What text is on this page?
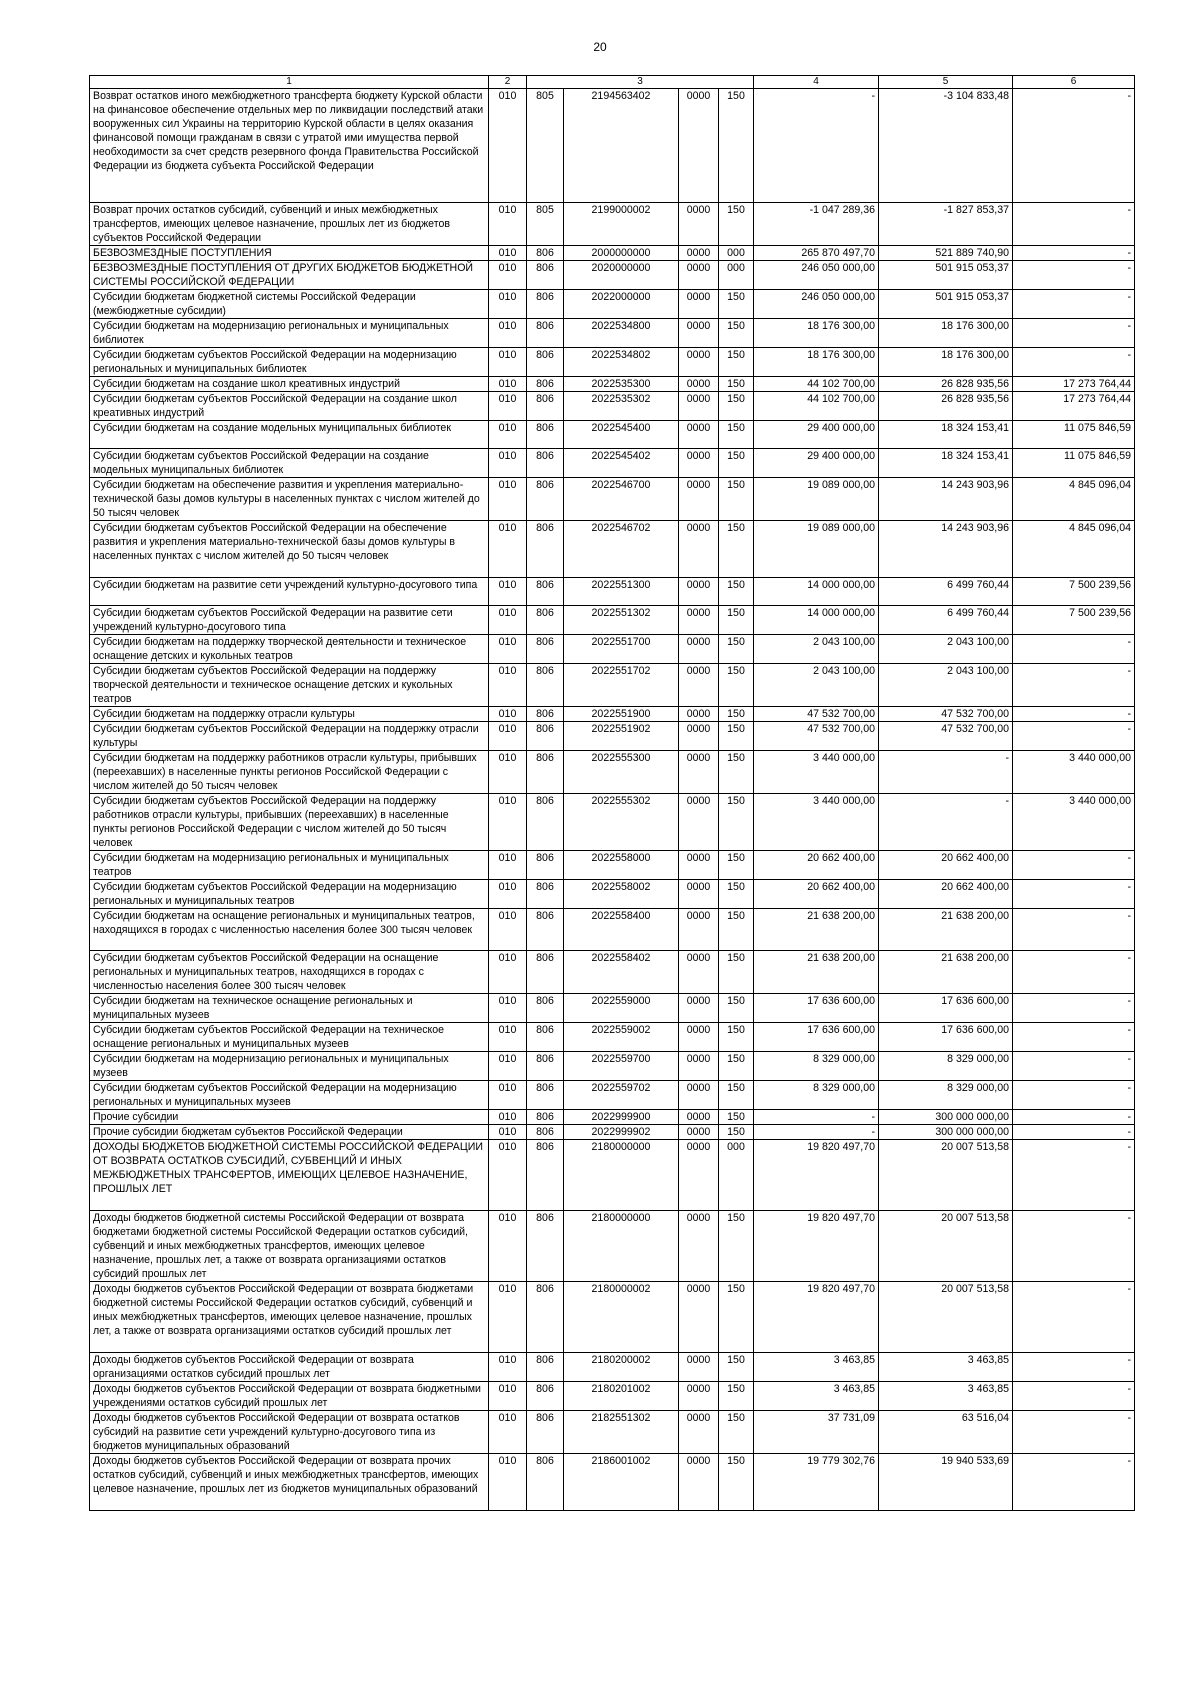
20
1	2	3				4	5	6
Возврат остатков иного межбюджетного трансферта бюджету Курской области на финансовое обеспечение отдельных мер по ликвидации последствий атаки вооруженных сил Украины на территорию Курской области в целях оказания финансовой помощи гражданам в связи с утратой ими имущества первой необходимости за счет средств резервного фонда Правительства Российской Федерации из бюджета субъекта Российской Федерации	010	805	2194563402	0000	150	-	-3 104 833,48	-
Возврат прочих остатков субсидий, субвенций и иных межбюджетных трансфертов, имеющих целевое назначение, прошлых лет из бюджетов субъектов Российской Федерации	010	805	2199000002	0000	150	-1 047 289,36	-1 827 853,37	-
БЕЗВОЗМЕЗДНЫЕ ПОСТУПЛЕНИЯ	010	806	2000000000	0000	000	265 870 497,70	521 889 740,90	-
БЕЗВОЗМЕЗДНЫЕ ПОСТУПЛЕНИЯ ОТ ДРУГИХ БЮДЖЕТОВ БЮДЖЕТНОЙ СИСТЕМЫ РОССИЙСКОЙ ФЕДЕРАЦИИ	010	806	2020000000	0000	000	246 050 000,00	501 915 053,37	-
Субсидии бюджетам бюджетной системы Российской Федерации (межбюджетные субсидии)	010	806	2022000000	0000	150	246 050 000,00	501 915 053,37	-
Субсидии бюджетам на модернизацию региональных и муниципальных библиотек	010	806	2022534800	0000	150	18 176 300,00	18 176 300,00	-
Субсидии бюджетам субъектов Российской Федерации на модернизацию региональных и муниципальных библиотек	010	806	2022534802	0000	150	18 176 300,00	18 176 300,00	-
Субсидии бюджетам на создание школ креативных индустрий	010	806	2022535300	0000	150	44 102 700,00	26 828 935,56	17 273 764,44
Субсидии бюджетам субъектов Российской Федерации на создание школ креативных индустрий	010	806	2022535302	0000	150	44 102 700,00	26 828 935,56	17 273 764,44
Субсидии бюджетам на создание модельных муниципальных библиотек	010	806	2022545400	0000	150	29 400 000,00	18 324 153,41	11 075 846,59
Субсидии бюджетам субъектов Российской Федерации на создание модельных муниципальных библиотек	010	806	2022545402	0000	150	29 400 000,00	18 324 153,41	11 075 846,59
Субсидии бюджетам на обеспечение развития и укрепления материально-технической базы домов культуры в населенных пунктах с числом жителей до 50 тысяч человек	010	806	2022546700	0000	150	19 089 000,00	14 243 903,96	4 845 096,04
Субсидии бюджетам субъектов Российской Федерации на обеспечение развития и укрепления материально-технической базы домов культуры в населенных пунктах с числом жителей до 50 тысяч человек	010	806	2022546702	0000	150	19 089 000,00	14 243 903,96	4 845 096,04
Субсидии бюджетам на развитие сети учреждений культурно-досугового типа	010	806	2022551300	0000	150	14 000 000,00	6 499 760,44	7 500 239,56
Субсидии бюджетам субъектов Российской Федерации на развитие сети учреждений культурно-досугового типа	010	806	2022551302	0000	150	14 000 000,00	6 499 760,44	7 500 239,56
Субсидии бюджетам на поддержку творческой деятельности и техническое оснащение детских и кукольных театров	010	806	2022551700	0000	150	2 043 100,00	2 043 100,00	-
Субсидии бюджетам субъектов Российской Федерации на поддержку творческой деятельности и техническое оснащение детских и кукольных театров	010	806	2022551702	0000	150	2 043 100,00	2 043 100,00	-
Субсидии бюджетам на поддержку отрасли культуры	010	806	2022551900	0000	150	47 532 700,00	47 532 700,00	-
Субсидии бюджетам субъектов Российской Федерации на поддержку отрасли культуры	010	806	2022551902	0000	150	47 532 700,00	47 532 700,00	-
Субсидии бюджетам на поддержку работников отрасли культуры, прибывших (переехавших) в населенные пункты регионов Российской Федерации с числом жителей до 50 тысяч человек	010	806	2022555300	0000	150	3 440 000,00	-	3 440 000,00
Субсидии бюджетам субъектов Российской Федерации на поддержку работников отрасли культуры, прибывших (переехавших) в населенные пункты регионов Российской Федерации с числом жителей до 50 тысяч человек	010	806	2022555302	0000	150	3 440 000,00	-	3 440 000,00
Субсидии бюджетам на модернизацию региональных и муниципальных театров	010	806	2022558000	0000	150	20 662 400,00	20 662 400,00	-
Субсидии бюджетам субъектов Российской Федерации на модернизацию региональных и муниципальных театров	010	806	2022558002	0000	150	20 662 400,00	20 662 400,00	-
Субсидии бюджетам на оснащение региональных и муниципальных театров, находящихся в городах с численностью населения более 300 тысяч человек	010	806	2022558400	0000	150	21 638 200,00	21 638 200,00	-
Субсидии бюджетам субъектов Российской Федерации на оснащение региональных и муниципальных театров, находящихся в городах с численностью населения более 300 тысяч человек	010	806	2022558402	0000	150	21 638 200,00	21 638 200,00	-
Субсидии бюджетам на техническое оснащение региональных и муниципальных музеев	010	806	2022559000	0000	150	17 636 600,00	17 636 600,00	-
Субсидии бюджетам субъектов Российской Федерации на техническое оснащение региональных и муниципальных музеев	010	806	2022559002	0000	150	17 636 600,00	17 636 600,00	-
Субсидии бюджетам на модернизацию региональных и муниципальных музеев	010	806	2022559700	0000	150	8 329 000,00	8 329 000,00	-
Субсидии бюджетам субъектов Российской Федерации на модернизацию региональных и муниципальных музеев	010	806	2022559702	0000	150	8 329 000,00	8 329 000,00	-
Прочие субсидии	010	806	2022999900	0000	150	-	300 000 000,00	-
Прочие субсидии бюджетам субъектов Российской Федерации	010	806	2022999902	0000	150	-	300 000 000,00	-
ДОХОДЫ БЮДЖЕТОВ БЮДЖЕТНОЙ СИСТЕМЫ РОССИЙСКОЙ ФЕДЕРАЦИИ ОТ ВОЗВРАТА ОСТАТКОВ СУБСИДИЙ, СУБВЕНЦИЙ И ИНЫХ МЕЖБЮДЖЕТНЫХ ТРАНСФЕРТОВ, ИМЕЮЩИХ ЦЕЛЕВОЕ НАЗНАЧЕНИЕ, ПРОШЛЫХ ЛЕТ	010	806	2180000000	0000	000	19 820 497,70	20 007 513,58	-
Доходы бюджетов бюджетной системы Российской Федерации от возврата бюджетами бюджетной системы Российской Федерации остатков субсидий, субвенций и иных межбюджетных трансфертов, имеющих целевое назначение, прошлых лет, а также от возврата организациями остатков субсидий прошлых лет	010	806	2180000000	0000	150	19 820 497,70	20 007 513,58	-
Доходы бюджетов субъектов Российской Федерации от возврата бюджетами бюджетной системы Российской Федерации остатков субсидий, субвенций и иных межбюджетных трансфертов, имеющих целевое назначение, прошлых лет, а также от возврата организациями остатков субсидий прошлых лет	010	806	2180000002	0000	150	19 820 497,70	20 007 513,58	-
Доходы бюджетов субъектов Российской Федерации от возврата организациями остатков субсидий прошлых лет	010	806	2180200002	0000	150	3 463,85	3 463,85	-
Доходы бюджетов субъектов Российской Федерации от возврата бюджетными учреждениями остатков субсидий прошлых лет	010	806	2180201002	0000	150	3 463,85	3 463,85	-
Доходы бюджетов субъектов Российской Федерации от возврата остатков субсидий на развитие сети учреждений культурно-досугового типа из бюджетов муниципальных образований	010	806	2182551302	0000	150	37 731,09	63 516,04	-
Доходы бюджетов субъектов Российской Федерации от возврата прочих остатков субсидий, субвенций и иных межбюджетных трансфертов, имеющих целевое назначение, прошлых лет из бюджетов муниципальных образований	010	806	2186001002	0000	150	19 779 302,76	19 940 533,69	-
